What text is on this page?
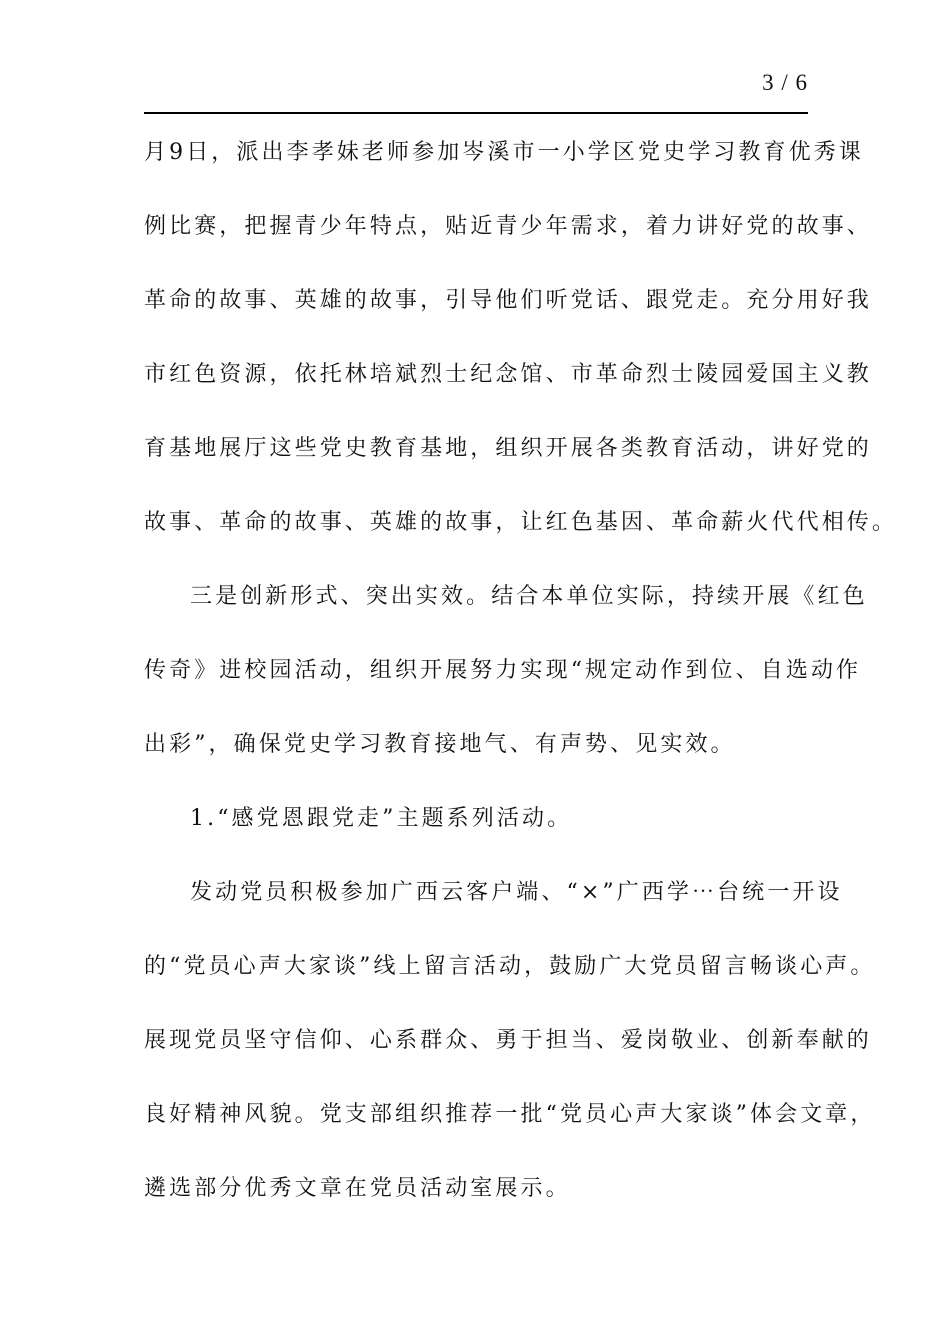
3 / 6
月9日，派出李孝妹老师参加岑溪市一小学区党史学习教育优秀课
例比赛，把握青少年特点，贴近青少年需求，着力讲好党的故事、
革命的故事、英雄的故事，引导他们听党话、跟党走。充分用好我
市红色资源，依托林培斌烈士纪念馆、市革命烈士陵园爱国主义教
育基地展厅这些党史教育基地，组织开展各类教育活动，讲好党的
故事、革命的故事、英雄的故事，让红色基因、革命薪火代代相传。
三是创新形式、突出实效。结合本单位实际，持续开展《红色
传奇》进校园活动，组织开展努力实现“规定动作到位、自选动作
出彩”，确保党史学习教育接地气、有声势、见实效。
1.“感党恩跟党走”主题系列活动。
发动党员积极参加广西云客户端、“×”广西学⋯台统一开设
的“党员心声大家谈”线上留言活动，鼓励广大党员留言畅谈心声。
展现党员坚守信仰、心系群众、勇于担当、爱岗敬业、创新奉献的
良好精神风貌。党支部组织推荐一批“党员心声大家谈”体会文章，
遴选部分优秀文章在党员活动室展示。
